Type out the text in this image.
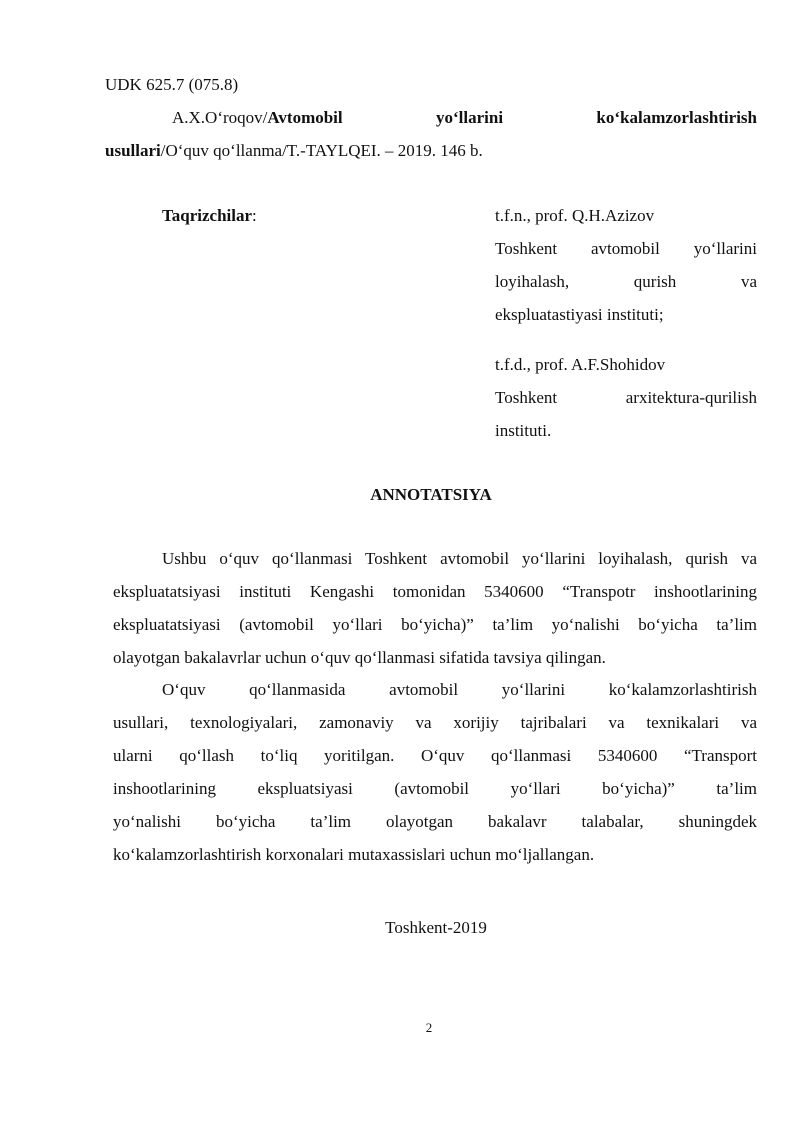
UDK 625.7 (075.8)
A.X.O‘roqov/Avtomobil yo‘llarini ko‘kalamzorlashtirish
usullari/O‘quv qo‘llanma/T.-TAYLQEI. – 2019. 146 b.
Taqrizchilar:	t.f.n., prof. Q.H.Azizov
Toshkent avtomobil yo‘llarini
loyihalash, qurish va
ekspluatastiyasi instituti;
t.f.d., prof. A.F.Shohidov
Toshkent arxitektura-qurilish
instituti.
ANNOTATSIYA
Ushbu o‘quv qo‘llanmasi Toshkent avtomobil yo‘llarini loyihalash, qurish va
ekspluatatsiyasi instituti Kengashi tomonidan 5340600 “Transpotr inshootlarining
ekspluatatsiyasi (avtomobil yo‘llari bo‘yicha)” ta’lim yo‘nalishi bo‘yicha ta’lim
olayotgan bakalavrlar uchun o‘quv qo‘llanmasi sifatida tavsiya qilingan.
O‘quv qo‘llanmasida avtomobil yo‘llarini ko‘kalamzorlashtirish
usullari, texnologiyalari, zamonaviy va xorijiy tajribalari va texnikalari va
ularni qo‘llash to‘liq yoritilgan. O‘quv qo‘llanmasi 5340600 “Transport
inshootlarining ekspluatsiyasi (avtomobil yo‘llari bo‘yicha)” ta’lim
yo‘nalishi bo‘yicha ta’lim olayotgan bakalavr talabalar, shuningdek
ko‘kalamzorlashtirish korxonalari mutaxassislari uchun mo‘ljallangan.
Toshkent-2019
2
